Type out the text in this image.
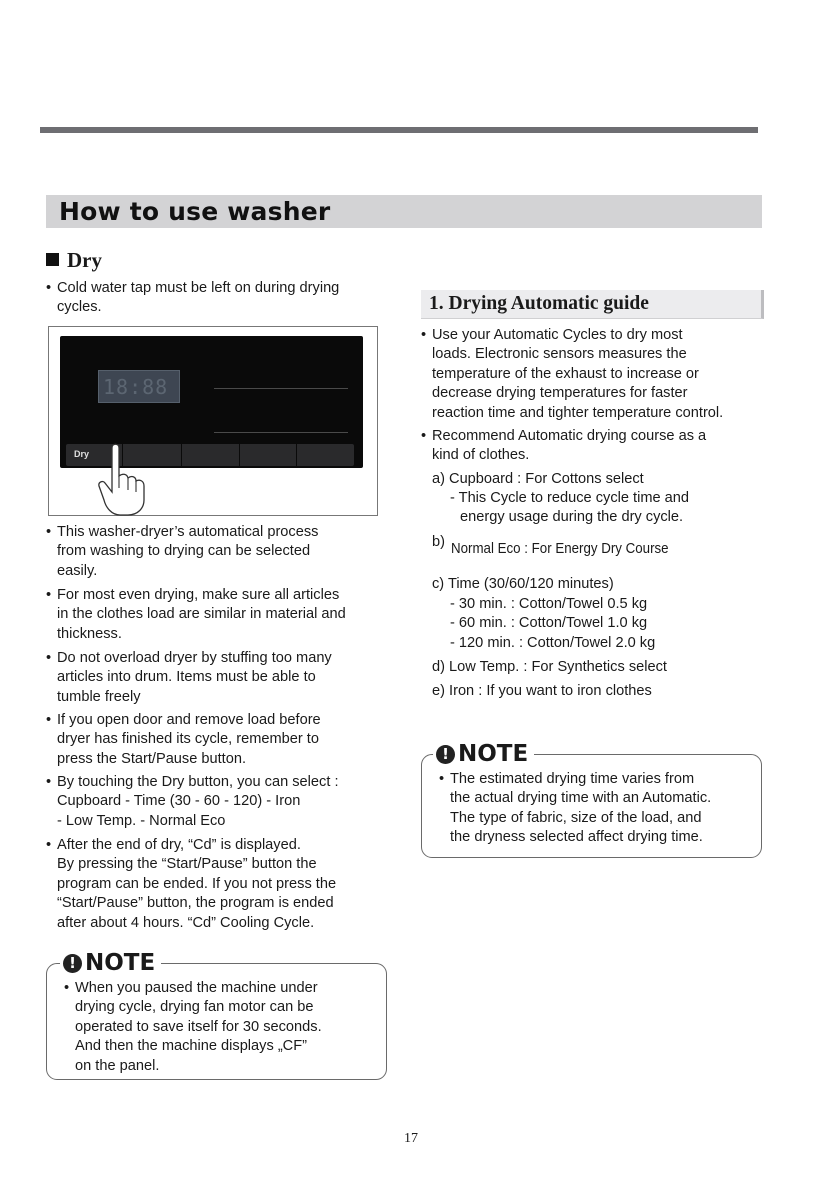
How to use washer
Dry
• Cold water tap must be left on during drying
cycles.
18:88
Dry
• This washer-dryer’s automatical process
from washing to drying can be selected
easily.
• For most even drying, make sure all articles
in the clothes load are similar in material and
thickness.
• Do not overload dryer by stuffing too many
articles into drum. Items must be able to
tumble freely
• If you open door and remove load before
dryer has finished its cycle, remember to
press the Start/Pause button.
• By touching the Dry button, you can select :
Cupboard - Time (30 - 60 - 120) - Iron
- Low Temp. - Normal Eco
• After the end of dry, “Cd” is displayed.
By pressing the “Start/Pause” button the
program can be ended. If you not press the
“Start/Pause” button, the program is ended
after about 4 hours. “Cd” Cooling Cycle.
! NOTE
• When you paused the machine under
drying cycle, drying fan motor can be
operated to save itself for 30 seconds.
And then the machine displays „CF”
on the panel.
1. Drying Automatic guide
• Use your Automatic Cycles to dry most
loads. Electronic sensors measures the
temperature of the exhaust to increase or
decrease drying temperatures for faster
reaction time and tighter temperature control.
• Recommend Automatic drying course as a
kind of clothes.
a) Cupboard : For Cottons select
- This Cycle to reduce cycle time and
energy usage during the dry cycle.
b) Normal Eco : For Energy Dry Course
c) Time (30/60/120 minutes)
- 30 min. : Cotton/Towel 0.5 kg
- 60 min. : Cotton/Towel 1.0 kg
- 120 min. : Cotton/Towel 2.0 kg
d) Low Temp. : For Synthetics select
e) Iron : If you want to iron clothes
! NOTE
• The estimated drying time varies from
the actual drying time with an Automatic.
The type of fabric, size of the load, and
the dryness selected affect drying time.
17
